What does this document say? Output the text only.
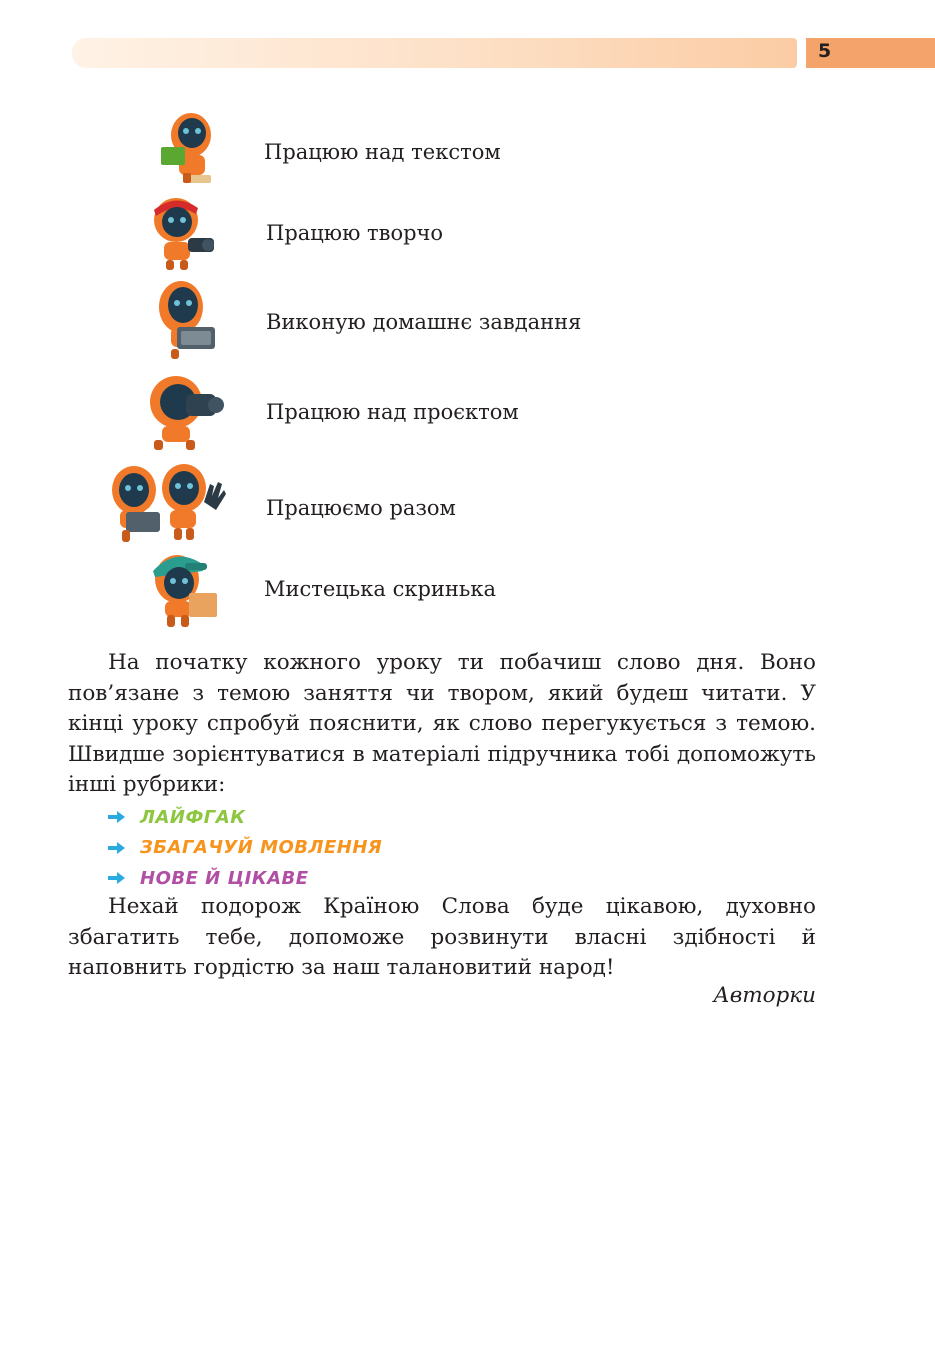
5
Працюю над текстом
Працюю творчо
Виконую домашнє завдання
Працюю над проєктом
Працюємо разом
Мистецька скринька

На початку кожного уроку ти побачиш слово дня. Воно пов’язане з темою заняття чи твором, який будеш читати. У кінці уроку спробуй пояснити, як слово перегукується з темою. Швидше зорієнтуватися в матеріалі підручника тобі допоможуть інші рубрики:

ЛАЙФГАК
ЗБАГАЧУЙ МОВЛЕННЯ
НОВЕ Й ЦІКАВЕ

Нехай подорож Країною Слова буде цікавою, духовно збагатить тебе, допоможе розвинути власні здібності й наповнить гордістю за наш талановитий народ!

Авторки
